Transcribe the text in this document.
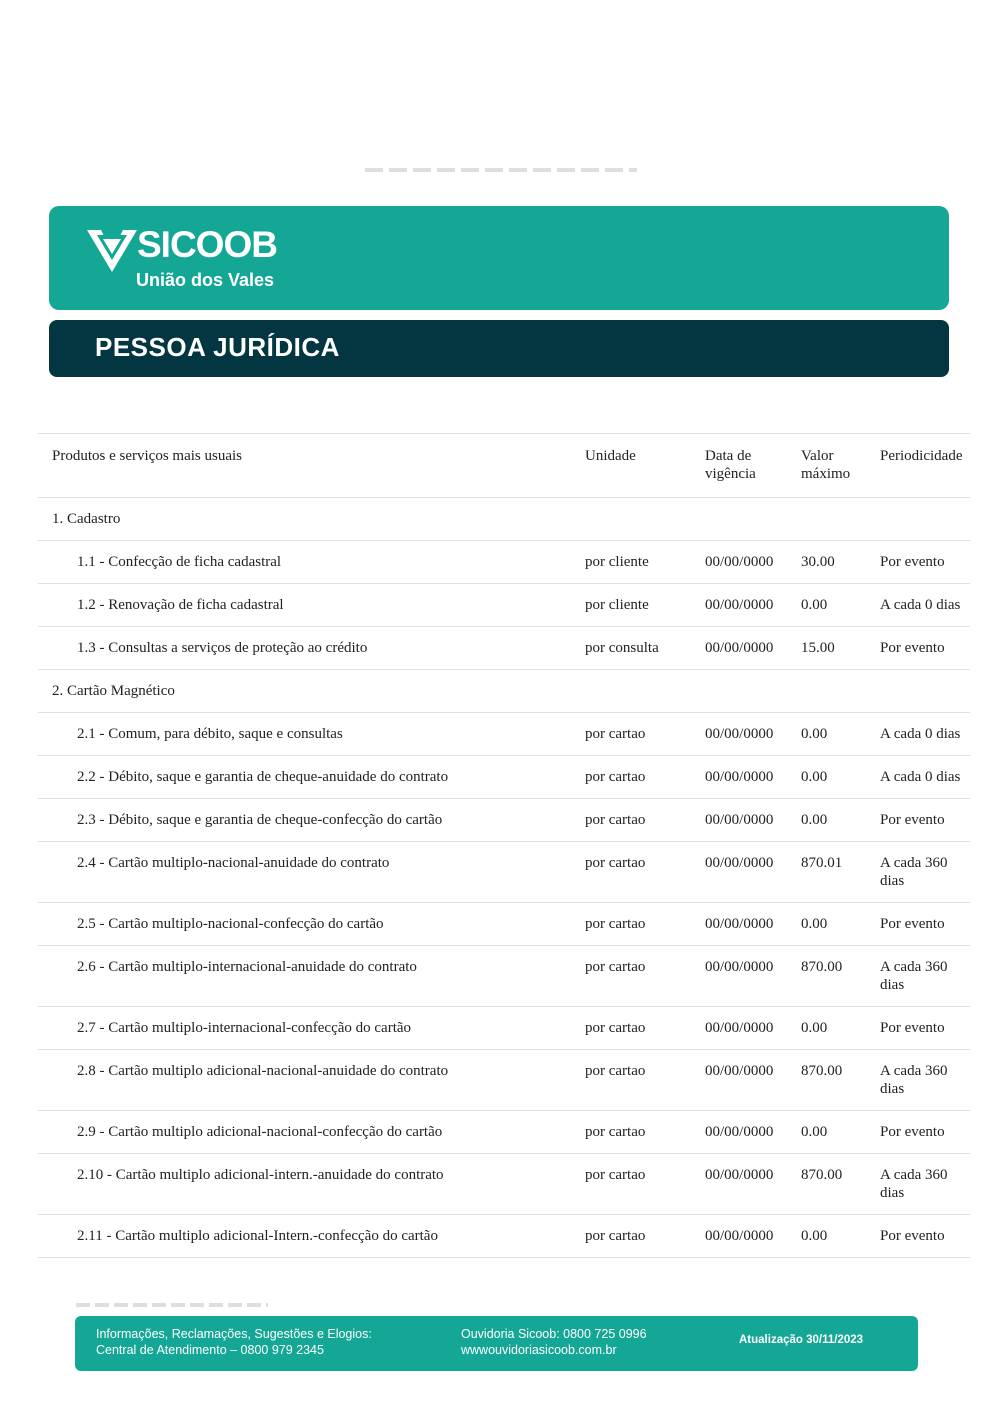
SICOOB
União dos Vales
PESSOA JURÍDICA
Produtos e serviços mais usuais	Unidade	Data de vigência	Valor máximo	Periodicidade
1. Cadastro				
1.1 - Confecção de ficha cadastral	por cliente	00/00/0000	30.00	Por evento
1.2 - Renovação de ficha cadastral	por cliente	00/00/0000	0.00	A cada 0 dias
1.3 - Consultas a serviços de proteção ao crédito	por consulta	00/00/0000	15.00	Por evento
2. Cartão Magnético				
2.1 - Comum, para débito, saque e consultas	por cartao	00/00/0000	0.00	A cada 0 dias
2.2 - Débito, saque e garantia de cheque-anuidade do contrato	por cartao	00/00/0000	0.00	A cada 0 dias
2.3 - Débito, saque e garantia de cheque-confecção do cartão	por cartao	00/00/0000	0.00	Por evento
2.4 - Cartão multiplo-nacional-anuidade do contrato	por cartao	00/00/0000	870.01	A cada 360 dias
2.5 - Cartão multiplo-nacional-confecção do cartão	por cartao	00/00/0000	0.00	Por evento
2.6 - Cartão multiplo-internacional-anuidade do contrato	por cartao	00/00/0000	870.00	A cada 360 dias
2.7 - Cartão multiplo-internacional-confecção do cartão	por cartao	00/00/0000	0.00	Por evento
2.8 - Cartão multiplo adicional-nacional-anuidade do contrato	por cartao	00/00/0000	870.00	A cada 360 dias
2.9 - Cartão multiplo adicional-nacional-confecção do cartão	por cartao	00/00/0000	0.00	Por evento
2.10 - Cartão multiplo adicional-intern.-anuidade do contrato	por cartao	00/00/0000	870.00	A cada 360 dias
2.11 - Cartão multiplo adicional-Intern.-confecção do cartão	por cartao	00/00/0000	0.00	Por evento
Informações, Reclamações, Sugestões e Elogios:
Central de Atendimento – 0800 979 2345
Ouvidoria Sicoob: 0800 725 0996
wwwouvidoriasicoob.com.br
Atualização 30/11/2023
